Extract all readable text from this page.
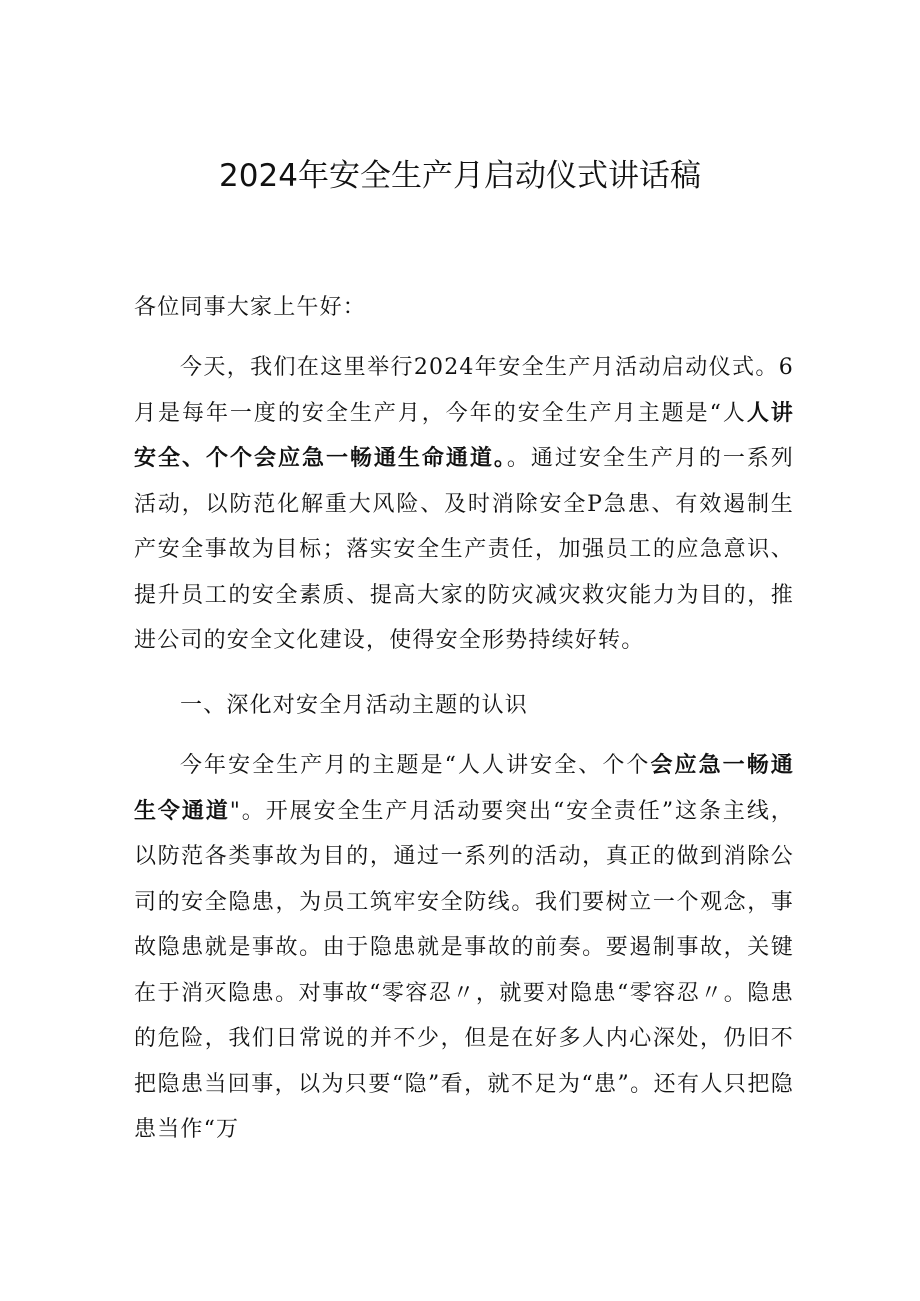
2024年安全生产月启动仪式讲话稿

各位同事大家上午好：

今天，我们在这里举行2024年安全生产月活动启动仪式。6月是每年一度的安全生产月，今年的安全生产月主题是“人人讲安全、个个会应急一畅通生命通道。。通过安全生产月的一系列活动，以防范化解重大风险、及时消除安全P急患、有效遏制生产安全事故为目标；落实安全生产责任，加强员工的应急意识、提升员工的安全素质、提高大家的防灾减灾救灾能力为目的，推进公司的安全文化建设，使得安全形势持续好转。

一、深化对安全月活动主题的认识

今年安全生产月的主题是“人人讲安全、个个会应急一畅通生令通道"。开展安全生产月活动要突出“安全责任”这条主线，以防范各类事故为目的，通过一系列的活动，真正的做到消除公司的安全隐患，为员工筑牢安全防线。我们要树立一个观念，事故隐患就是事故。由于隐患就是事故的前奏。要遏制事故，关键在于消灭隐患。对事故“零容忍〃，就要对隐患“零容忍〃。隐患的危险，我们日常说的并不少，但是在好多人内心深处，仍旧不把隐患当回事，以为只要“隐”看，就不足为“患”。还有人只把隐患当作“万
